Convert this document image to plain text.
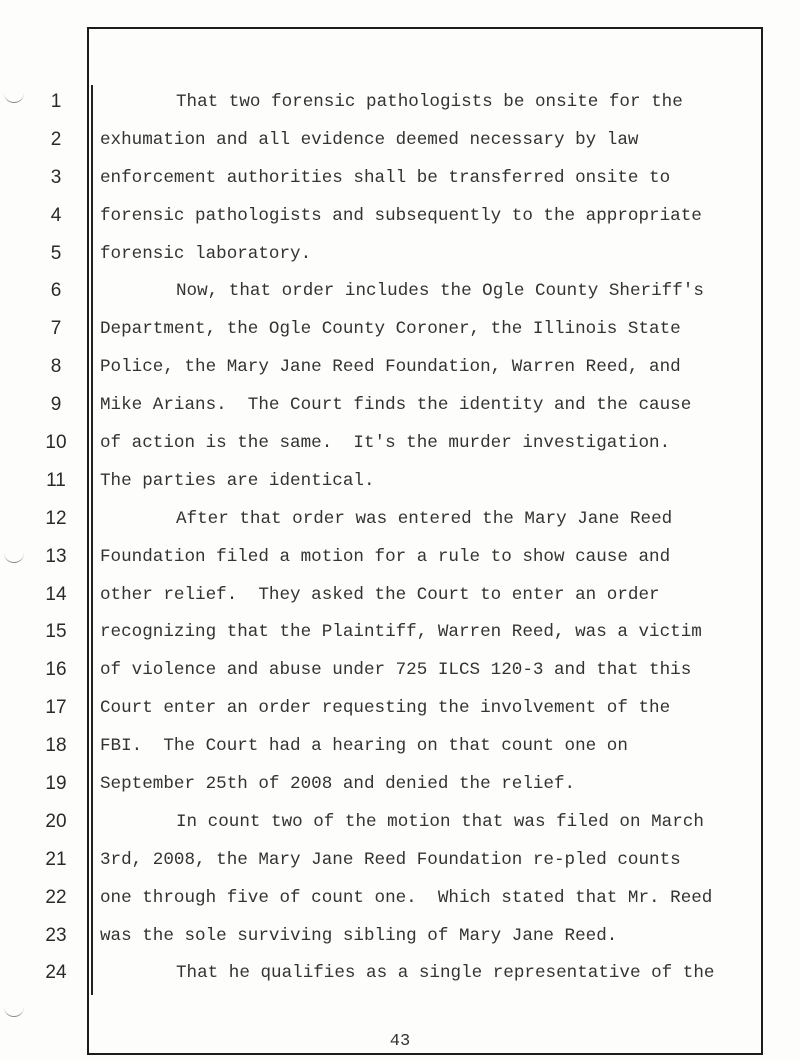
1
2
3
4
5
6
7
8
9
10
11
12
13
14
15
16
17
18
19
20
21
22
23
24
That two forensic pathologists be onsite for the
exhumation and all evidence deemed necessary by law
enforcement authorities shall be transferred onsite to
forensic pathologists and subsequently to the appropriate
forensic laboratory.
Now, that order includes the Ogle County Sheriff's
Department, the Ogle County Coroner, the Illinois State
Police, the Mary Jane Reed Foundation, Warren Reed, and
Mike Arians.  The Court finds the identity and the cause
of action is the same.  It's the murder investigation.
The parties are identical.
After that order was entered the Mary Jane Reed
Foundation filed a motion for a rule to show cause and
other relief.  They asked the Court to enter an order
recognizing that the Plaintiff, Warren Reed, was a victim
of violence and abuse under 725 ILCS 120-3 and that this
Court enter an order requesting the involvement of the
FBI.  The Court had a hearing on that count one on
September 25th of 2008 and denied the relief.
In count two of the motion that was filed on March
3rd, 2008, the Mary Jane Reed Foundation re-pled counts
one through five of count one.  Which stated that Mr. Reed
was the sole surviving sibling of Mary Jane Reed.
That he qualifies as a single representative of the
43
